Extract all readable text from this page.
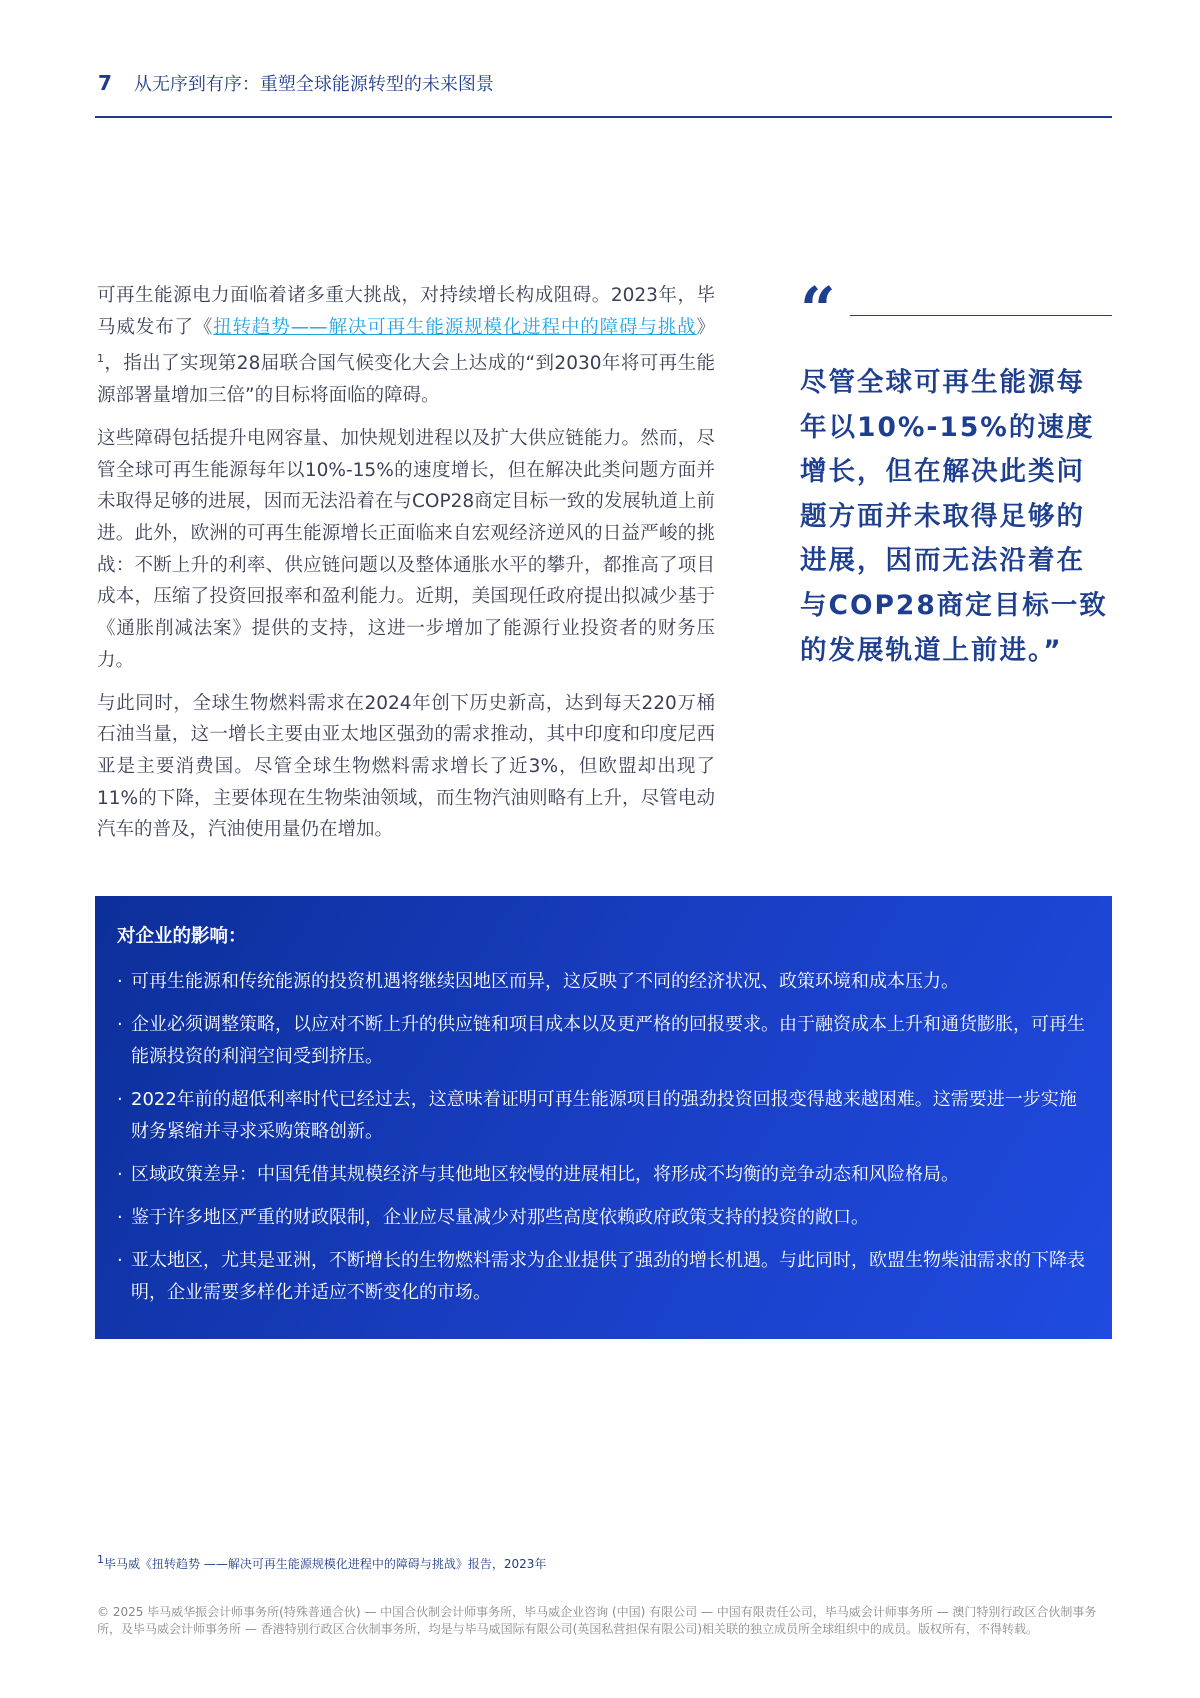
7 从无序到有序：重塑全球能源转型的未来图景

可再生能源电力面临着诸多重大挑战，对持续增长构成阻碍。2023年，毕马威发布了《扭转趋势——解决可再生能源规模化进程中的障碍与挑战》 $^1$，指出了实现第28届联合国气候变化大会上达成的“到2030年将可再生能源部署量增加三倍”的目标将面临的障碍。

这些障碍包括提升电网容量、加快规划进程以及扩大供应链能力。然而，尽管全球可再生能源每年以10%-15%的速度增长，但在解决此类问题方面并未取得足够的进展，因而无法沿着在与COP28商定目标一致的发展轨道上前进。此外，欧洲的可再生能源增长正面临来自宏观经济逆风的日益严峻的挑战：不断上升的利率、供应链问题以及整体通胀水平的攀升，都推高了项目成本，压缩了投资回报率和盈利能力。近期，美国现任政府提出拟减少基于《通胀削减法案》提供的支持，这进一步增加了能源行业投资者的财务压力。

与此同时，全球生物燃料需求在2024年创下历史新高，达到每天220万桶石油当量，这一增长主要由亚太地区强劲的需求推动，其中印度和印度尼西亚是主要消费国。尽管全球生物燃料需求增长了近3%，但欧盟却出现了11%的下降，主要体现在生物柴油领域，而生物汽油则略有上升，尽管电动汽车的普及，汽油使用量仍在增加。

“
尽管全球可再生能源每年以10%-15%的速度增长，但在解决此类问题方面并未取得足够的进展，因而无法沿着在与COP28商定目标一致的发展轨道上前进。”
对企业的影响：
· 可再生能源和传统能源的投资机遇将继续因地区而异，这反映了不同的经济状况、政策环境和成本压力。
· 企业必须调整策略，以应对不断上升的供应链和项目成本以及更严格的回报要求。由于融资成本上升和通货膨胀，可再生能源投资的利润空间受到挤压。
· 2022年前的超低利率时代已经过去，这意味着证明可再生能源项目的强劲投资回报变得越来越困难。这需要进一步实施财务紧缩并寻求采购策略创新。
· 区域政策差异：中国凭借其规模经济与其他地区较慢的进展相比，将形成不均衡的竞争动态和风险格局。
· 鉴于许多地区严重的财政限制，企业应尽量减少对那些高度依赖政府政策支持的投资的敞口。
· 亚太地区，尤其是亚洲，不断增长的生物燃料需求为企业提供了强劲的增长机遇。与此同时，欧盟生物柴油需求的下降表明，企业需要多样化并适应不断变化的市场。
$^1$毕马威《扭转趋势 ——解决可再生能源规模化进程中的障碍与挑战》报告，2023年
© 2025 毕马威华振会计师事务所(特殊普通合伙) — 中国合伙制会计师事务所，毕马威企业咨询 (中国) 有限公司 — 中国有限责任公司，毕马威会计师事务所 — 澳门特别行政区合伙制事务所，及毕马威会计师事务所 — 香港特别行政区合伙制事务所，均是与毕马威国际有限公司(英国私营担保有限公司)相关联的独立成员所全球组织中的成员。版权所有，不得转载。
